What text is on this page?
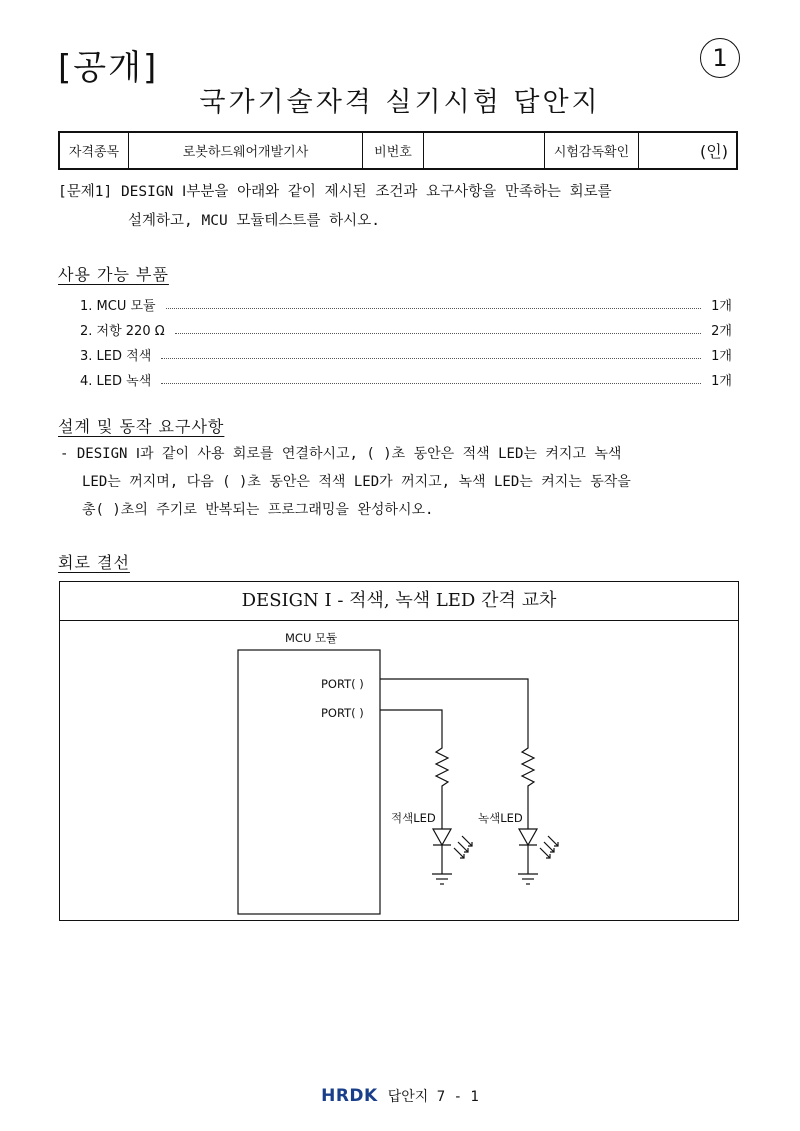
[공개]	1
국가기술자격 실기시험 답안지
자격종목	로봇하드웨어개발기사	비번호		시험감독확인	(인)
[문제1] DESIGN Ⅰ부분을 아래와 같이 제시된 조건과 요구사항을 만족하는 회로를
설계하고, MCU 모듈테스트를 하시오.
사용 가능 부품
1. MCU 모듈	1개
2. 저항 220 Ω	2개
3. LED 적색	1개
4. LED 녹색	1개
설계 및 동작 요구사항
- DESIGN Ⅰ과 같이 사용 회로를 연결하시고, ( )초 동안은 적색 LED는 켜지고 녹색
LED는 꺼지며, 다음 ( )초 동안은 적색 LED가 꺼지고, 녹색 LED는 켜지는 동작을
총( )초의 주기로 반복되는 프로그래밍을 완성하시오.
회로 결선
DESIGN Ⅰ - 적색, 녹색 LED 간격 교차
MCU 모듈
PORT( )
PORT( )
적색LED	녹색LED
HRDK 답안지 7 - 1
